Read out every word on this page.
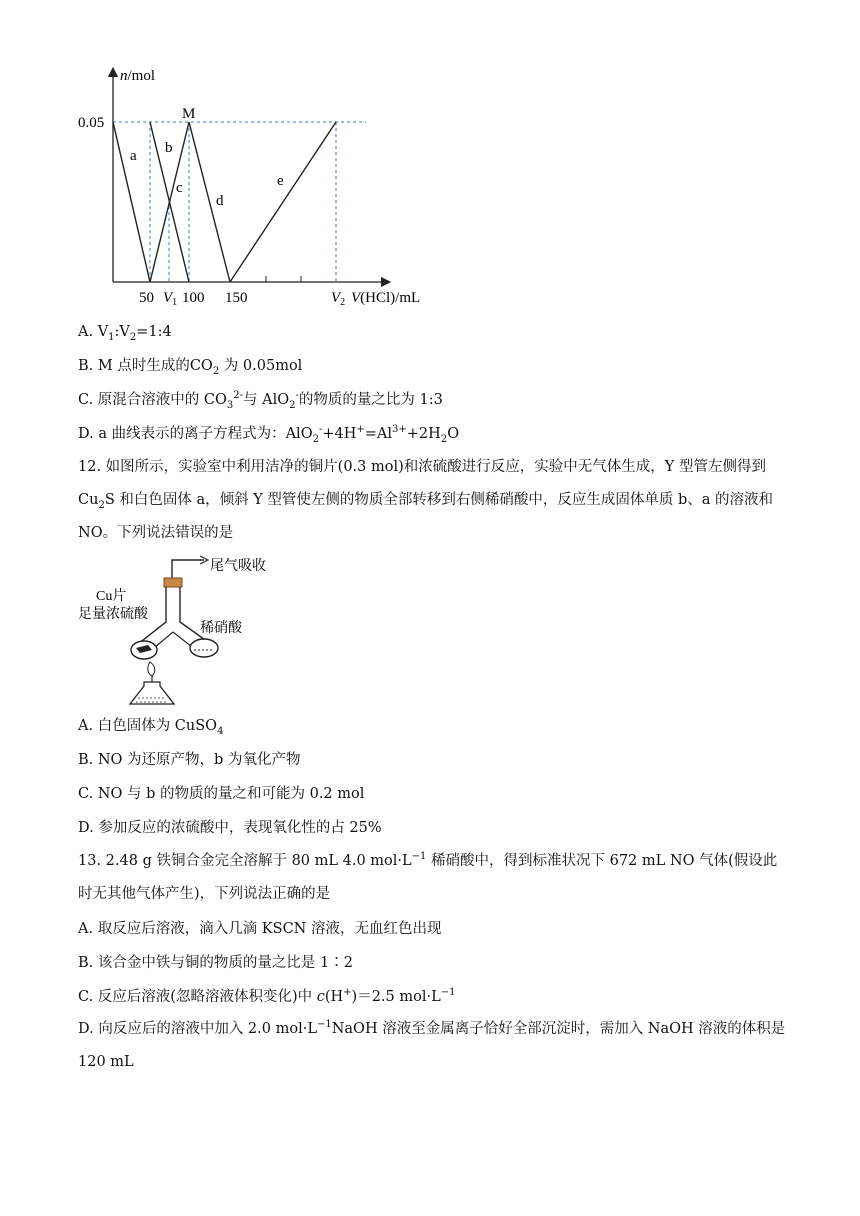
n/mol
0.05
M
a b
c
d
e
50 $V_1$ 100 150	$V_2$ V(HCl)/mL
A. $V_1:V_2=1:4$
B. M 点时生成的$CO_2$ 为 0.05mol
C. 原混合溶液中的 $CO_3^{2-}$与 AlO$_2$-的物质的量之比为 1:3
D. a 曲线表示的离子方程式为：$AlO_2^-+4H^+=Al^{3+}+2H_2O$
12. 如图所示，实验室中利用洁净的铜片(0.3 mol)和浓硫酸进行反应，实验中无气体生成，Y 型管左侧得到 $Cu_2S$ 和白色固体 a，倾斜 Y 型管使左侧的物质全部转移到右侧稀硝酸中，反应生成固体单质 b、a 的溶液和 NO。下列说法错误的是
尾气吸收
Cu片
足量浓硫酸
稀硝酸
A. 白色固体为 CuSO$_4$
B. NO 为还原产物，b 为氧化产物
C. NO 与 b 的物质的量之和可能为 0.2 mol
D. 参加反应的浓硫酸中，表现氧化性的占 25%
13. 2.48 g 铁铜合金完全溶解于 80 mL 4.0 $mol\cdot L^{-1}$ 稀硝酸中，得到标准状况下 672 mL NO 气体(假设此时无其他气体产生)，下列说法正确的是
A. 取反应后溶液，滴入几滴 KSCN 溶液，无血红色出现
B. 该合金中铁与铜的物质的量之比是 1∶2
C. 反应后溶液(忽略溶液体积变化)中 c(H+)＝2.5 $mol\cdot L^{-1}$
D. 向反应后的溶液中加入 2.0 $mol\cdot L^{-1}NaOH$ 溶液至金属离子恰好全部沉淀时，需加入 NaOH 溶液的体积是 120 mL
